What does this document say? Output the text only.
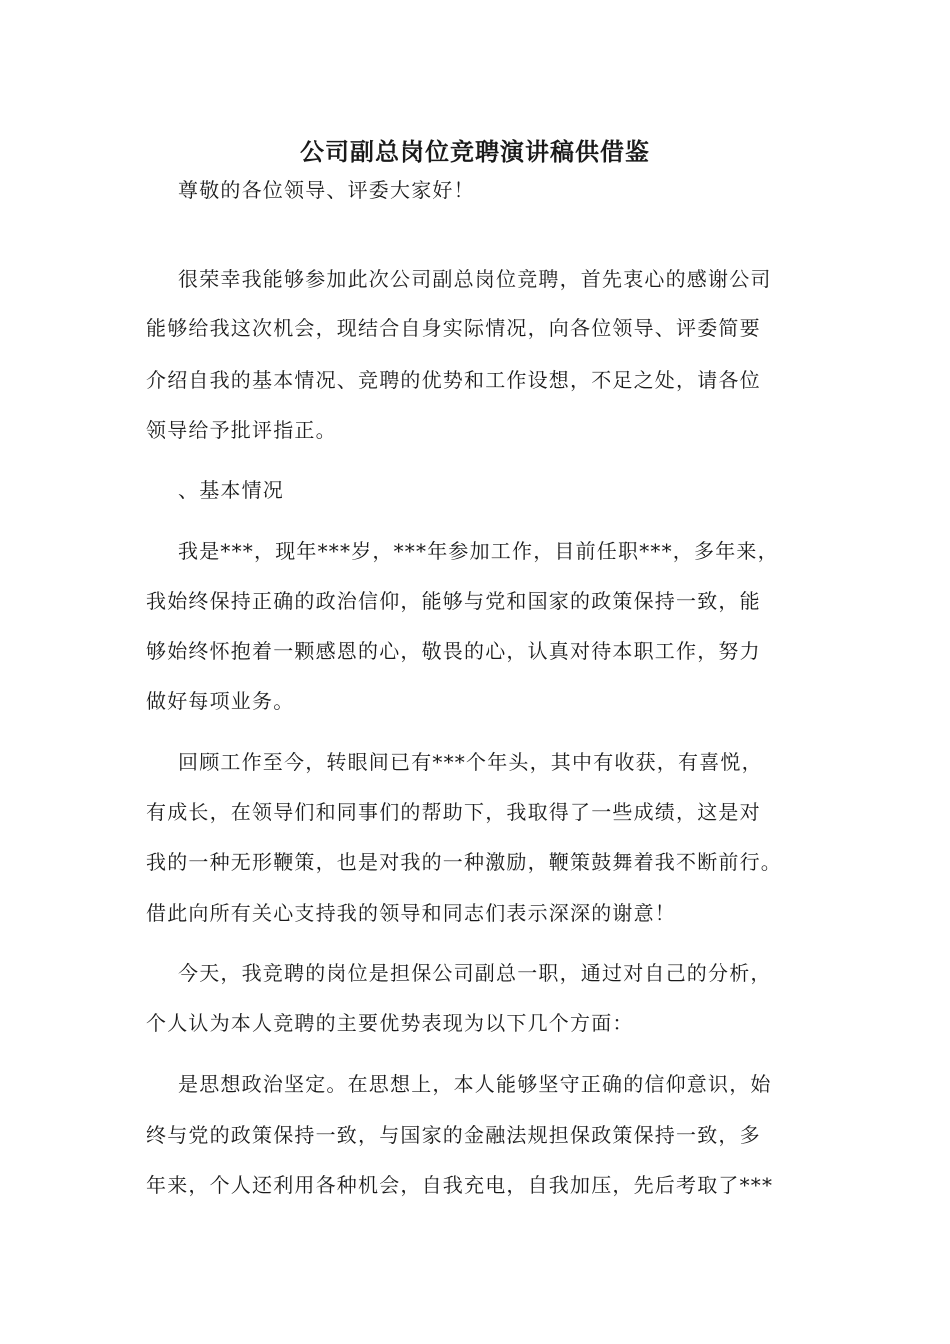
公司副总岗位竞聘演讲稿供借鉴

尊敬的各位领导、评委大家好！

很荣幸我能够参加此次公司副总岗位竞聘，首先衷心的感谢公司

能够给我这次机会，现结合自身实际情况，向各位领导、评委简要

介绍自我的基本情况、竞聘的优势和工作设想，不足之处，请各位

领导给予批评指正。

、基本情况

我是***，现年***岁，***年参加工作，目前任职***，多年来，

我始终保持正确的政治信仰，能够与党和国家的政策保持一致，能

够始终怀抱着一颗感恩的心，敬畏的心，认真对待本职工作，努力

做好每项业务。

回顾工作至今，转眼间已有***个年头，其中有收获，有喜悦，

有成长，在领导们和同事们的帮助下，我取得了一些成绩，这是对

我的一种无形鞭策，也是对我的一种激励，鞭策鼓舞着我不断前行。

借此向所有关心支持我的领导和同志们表示深深的谢意！

今天，我竞聘的岗位是担保公司副总一职，通过对自己的分析，

个人认为本人竞聘的主要优势表现为以下几个方面：

是思想政治坚定。在思想上，本人能够坚守正确的信仰意识，始

终与党的政策保持一致，与国家的金融法规担保政策保持一致，多

年来，个人还利用各种机会，自我充电，自我加压，先后考取了***
